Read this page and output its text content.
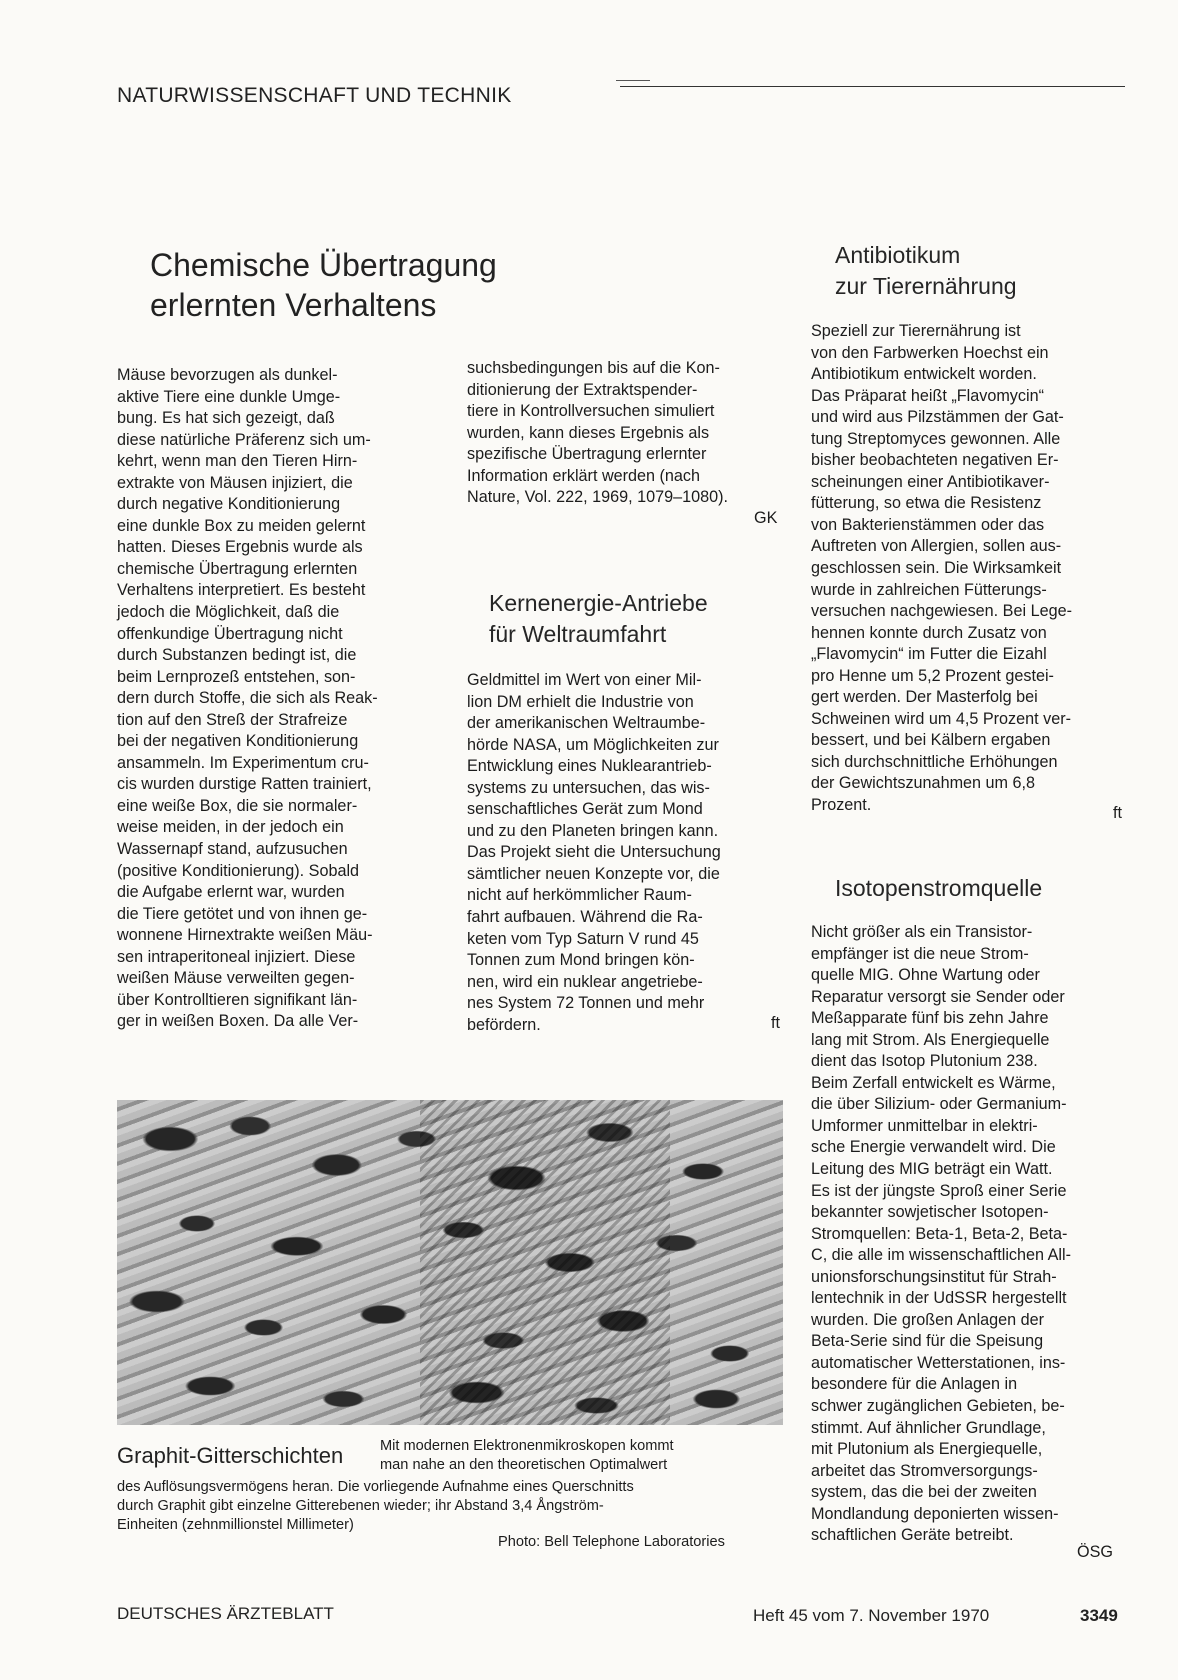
NATURWISSENSCHAFT UND TECHNIK
Chemische Übertragung
erlernten Verhaltens
Mäuse bevorzugen als dunkel-
aktive Tiere eine dunkle Umge-
bung. Es hat sich gezeigt, daß
diese natürliche Präferenz sich um-
kehrt, wenn man den Tieren Hirn-
extrakte von Mäusen injiziert, die
durch negative Konditionierung
eine dunkle Box zu meiden gelernt
hatten. Dieses Ergebnis wurde als
chemische Übertragung erlernten
Verhaltens interpretiert. Es besteht
jedoch die Möglichkeit, daß die
offenkundige Übertragung nicht
durch Substanzen bedingt ist, die
beim Lernprozeß entstehen, son-
dern durch Stoffe, die sich als Reak-
tion auf den Streß der Strafreize
bei der negativen Konditionierung
ansammeln. Im Experimentum cru-
cis wurden durstige Ratten trainiert,
eine weiße Box, die sie normaler-
weise meiden, in der jedoch ein
Wassernapf stand, aufzusuchen
(positive Konditionierung). Sobald
die Aufgabe erlernt war, wurden
die Tiere getötet und von ihnen ge-
wonnene Hirnextrakte weißen Mäu-
sen intraperitoneal injiziert. Diese
weißen Mäuse verweilten gegen-
über Kontrolltieren signifikant län-
ger in weißen Boxen. Da alle Ver-
suchsbedingungen bis auf die Kon-
ditionierung der Extraktspender-
tiere in Kontrollversuchen simuliert
wurden, kann dieses Ergebnis als
spezifische Übertragung erlernter
Information erklärt werden (nach
Nature, Vol. 222, 1969, 1079–1080).
GK
Kernenergie-Antriebe
für Weltraumfahrt
Geldmittel im Wert von einer Mil-
lion DM erhielt die Industrie von
der amerikanischen Weltraumbe-
hörde NASA, um Möglichkeiten zur
Entwicklung eines Nuklearantrieb-
systems zu untersuchen, das wis-
senschaftliches Gerät zum Mond
und zu den Planeten bringen kann.
Das Projekt sieht die Untersuchung
sämtlicher neuen Konzepte vor, die
nicht auf herkömmlicher Raum-
fahrt aufbauen. Während die Ra-
keten vom Typ Saturn V rund 45
Tonnen zum Mond bringen kön-
nen, wird ein nuklear angetriebe-
nes System 72 Tonnen und mehr
befördern.	ft
Antibiotikum
zur Tierernährung
Speziell zur Tierernährung ist
von den Farbwerken Hoechst ein
Antibiotikum entwickelt worden.
Das Präparat heißt „Flavomycin“
und wird aus Pilzstämmen der Gat-
tung Streptomyces gewonnen. Alle
bisher beobachteten negativen Er-
scheinungen einer Antibiotikaver-
fütterung, so etwa die Resistenz
von Bakterienstämmen oder das
Auftreten von Allergien, sollen aus-
geschlossen sein. Die Wirksamkeit
wurde in zahlreichen Fütterungs-
versuchen nachgewiesen. Bei Lege-
hennen konnte durch Zusatz von
„Flavomycin“ im Futter die Eizahl
pro Henne um 5,2 Prozent gestei-
gert werden. Der Masterfolg bei
Schweinen wird um 4,5 Prozent ver-
bessert, und bei Kälbern ergaben
sich durchschnittliche Erhöhungen
der Gewichtszunahmen um 6,8
Prozent.	ft
Isotopenstromquelle
Nicht größer als ein Transistor-
empfänger ist die neue Strom-
quelle MIG. Ohne Wartung oder
Reparatur versorgt sie Sender oder
Meßapparate fünf bis zehn Jahre
lang mit Strom. Als Energiequelle
dient das Isotop Plutonium 238.
Beim Zerfall entwickelt es Wärme,
die über Silizium- oder Germanium-
Umformer unmittelbar in elektri-
sche Energie verwandelt wird. Die
Leitung des MIG beträgt ein Watt.
Es ist der jüngste Sproß einer Serie
bekannter sowjetischer Isotopen-
Stromquellen: Beta-1, Beta-2, Beta-
C, die alle im wissenschaftlichen All-
unionsforschungsinstitut für Strah-
lentechnik in der UdSSR hergestellt
wurden. Die großen Anlagen der
Beta-Serie sind für die Speisung
automatischer Wetterstationen, ins-
besondere für die Anlagen in
schwer zugänglichen Gebieten, be-
stimmt. Auf ähnlicher Grundlage,
mit Plutonium als Energiequelle,
arbeitet das Stromversorgungs-
system, das die bei der zweiten
Mondlandung deponierten wissen-
schaftlichen Geräte betreibt.
ÖSG
Graphit-Gitterschichten	Mit modernen Elektronenmikroskopen kommt
man nahe an den theoretischen Optimalwert
des Auflösungsvermögens heran. Die vorliegende Aufnahme eines Querschnitts
durch Graphit gibt einzelne Gitterebenen wieder; ihr Abstand 3,4 Ångström-
Einheiten (zehnmillionstel Millimeter)
Photo: Bell Telephone Laboratories
DEUTSCHES ÄRZTEBLATT	Heft 45 vom 7. November 1970	3349
